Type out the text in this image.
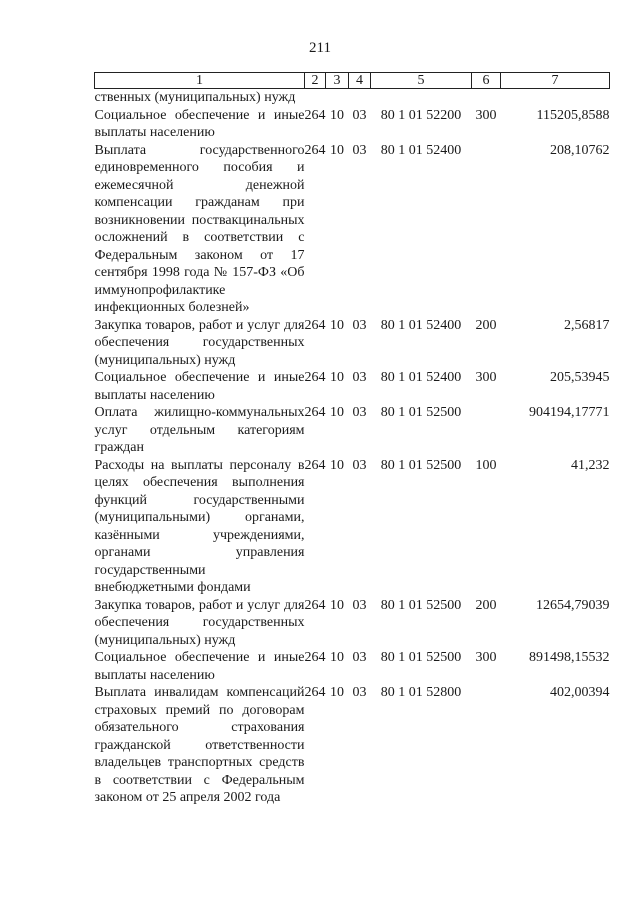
211
1	2	3	4	5	6	7
ственных (муниципальных) нужд						
Социальное обеспечение и иные выплаты населению	264	10	03	80 1 01 52200	300	115205,8588
Выплата государственного единовременного пособия и ежемесячной денежной компенсации гражданам при возникновении поствакцинальных осложнений в соответствии с Федеральным законом от 17 сентября 1998 года № 157-ФЗ «Об иммунопрофилактике инфекционных болезней»	264	10	03	80 1 01 52400		208,10762
Закупка товаров, работ и услуг для обеспечения государственных (муниципальных) нужд	264	10	03	80 1 01 52400	200	2,56817
Социальное обеспечение и иные выплаты населению	264	10	03	80 1 01 52400	300	205,53945
Оплата жилищно-коммунальных услуг отдельным категориям граждан	264	10	03	80 1 01 52500		904194,17771
Расходы на выплаты персоналу в целях обеспечения выполнения функций государственными (муниципальными) органами, казёнными учреждениями, органами управления государственными внебюджетными фондами	264	10	03	80 1 01 52500	100	41,232
Закупка товаров, работ и услуг для обеспечения государственных (муниципальных) нужд	264	10	03	80 1 01 52500	200	12654,79039
Социальное обеспечение и иные выплаты населению	264	10	03	80 1 01 52500	300	891498,15532
Выплата инвалидам компенсаций страховых премий по договорам обязательного страхования гражданской ответственности владельцев транспортных средств в соответствии с Федеральным законом от 25 апреля 2002 года	264	10	03	80 1 01 52800		402,00394
